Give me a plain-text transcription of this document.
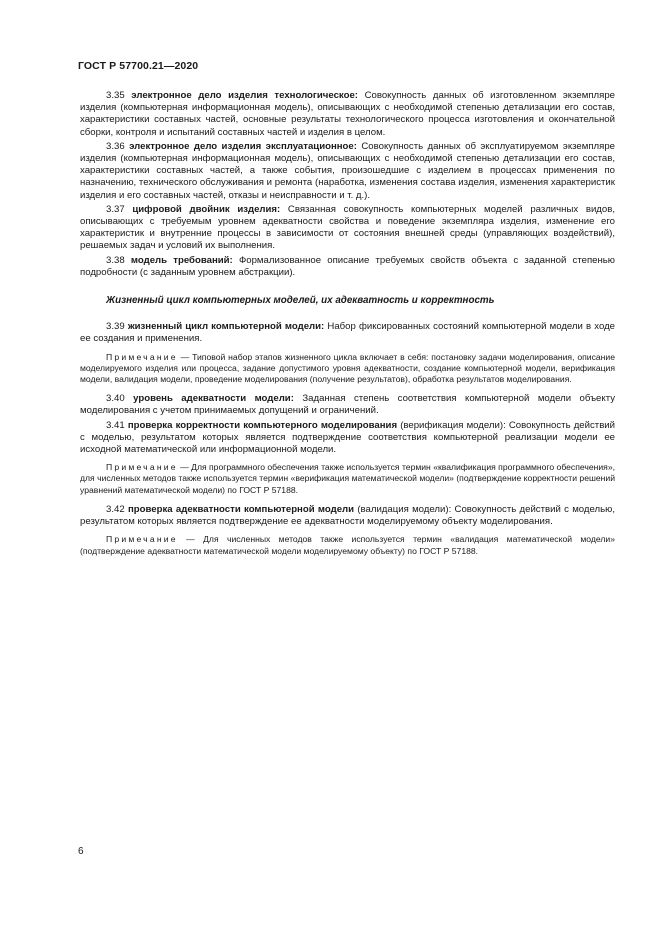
ГОСТ Р 57700.21—2020

3.35 электронное дело изделия технологическое: Совокупность данных об изготовленном экземпляре изделия (компьютерная информационная модель), описывающих с необходимой степенью детализации его состав, характеристики составных частей, основные результаты технологического процесса изготовления и окончательной сборки, контроля и испытаний составных частей и изделия в целом.

3.36 электронное дело изделия эксплуатационное: Совокупность данных об эксплуатируемом экземпляре изделия (компьютерная информационная модель), описывающих с необходимой степенью детализации его состав, характеристики составных частей, а также события, произошедшие с изделием в процессах применения по назначению, технического обслуживания и ремонта (наработка, изменения состава изделия, изменения характеристик изделия и его составных частей, отказы и неисправности и т. д.).

3.37 цифровой двойник изделия: Связанная совокупность компьютерных моделей различных видов, описывающих с требуемым уровнем адекватности свойства и поведение экземпляра изделия, изменение его характеристик и внутренние процессы в зависимости от состояния внешней среды (управляющих воздействий), решаемых задач и условий их выполнения.

3.38 модель требований: Формализованное описание требуемых свойств объекта с заданной степенью подробности (с заданным уровнем абстракции).

Жизненный цикл компьютерных моделей, их адекватность и корректность

3.39 жизненный цикл компьютерной модели: Набор фиксированных состояний компьютерной модели в ходе ее создания и применения.

Примечание — Типовой набор этапов жизненного цикла включает в себя: постановку задачи моделирования, описание моделируемого изделия или процесса, задание допустимого уровня адекватности, создание компьютерной модели, верификация модели, валидация модели, проведение моделирования (получение результатов), обработка результатов моделирования.

3.40 уровень адекватности модели: Заданная степень соответствия компьютерной модели объекту моделирования с учетом принимаемых допущений и ограничений.

3.41 проверка корректности компьютерного моделирования (верификация модели): Совокупность действий с моделью, результатом которых является подтверждение соответствия компьютерной реализации модели ее исходной математической или информационной модели.

Примечание — Для программного обеспечения также используется термин «квалификация программного обеспечения», для численных методов также используется термин «верификация математической модели» (подтверждение корректности решений уравнений математической модели) по ГОСТ Р 57188.

3.42 проверка адекватности компьютерной модели (валидация модели): Совокупность действий с моделью, результатом которых является подтверждение ее адекватности моделируемому объекту моделирования.

Примечание — Для численных методов также используется термин «валидация математической модели» (подтверждение адекватности математической модели моделируемому объекту) по ГОСТ Р 57188.

6
